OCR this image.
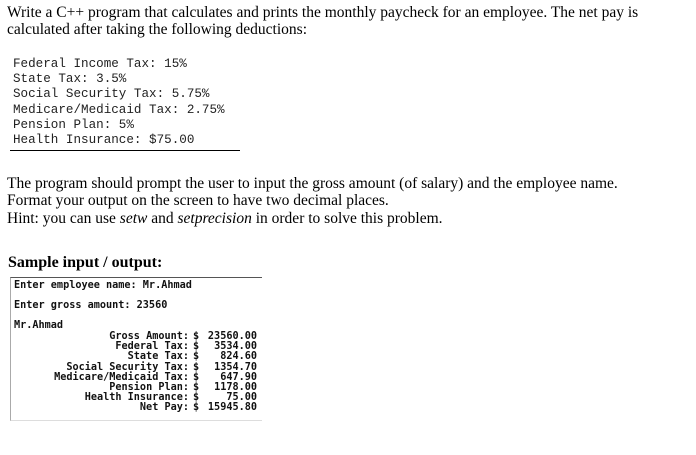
Write a C++ program that calculates and prints the monthly paycheck for an employee. The net pay is

calculated after taking the following deductions:

Federal Income Tax: 15%
State Tax: 3.5%
Social Security Tax: 5.75%
Medicare/Medicaid Tax: 2.75%
Pension Plan: 5%
Health Insurance: $75.00

The program should prompt the user to input the gross amount (of salary) and the employee name.

Format your output on the screen to have two decimal places.

Hint: you can use setw and setprecision in order to solve this problem.

Sample input / output:
Enter employee name: Mr.Ahmad
Enter gross amount: 23560
Mr.Ahmad
Gross Amount:	$	23560.00
Federal Tax:	$	3534.00
State Tax:	$	824.60
Social Security Tax:	$	1354.70
Medicare/Medicaid Tax:	$	647.90
Pension Plan:	$	1178.00
Health Insurance:	$	75.00
Net Pay:	$	15945.80
